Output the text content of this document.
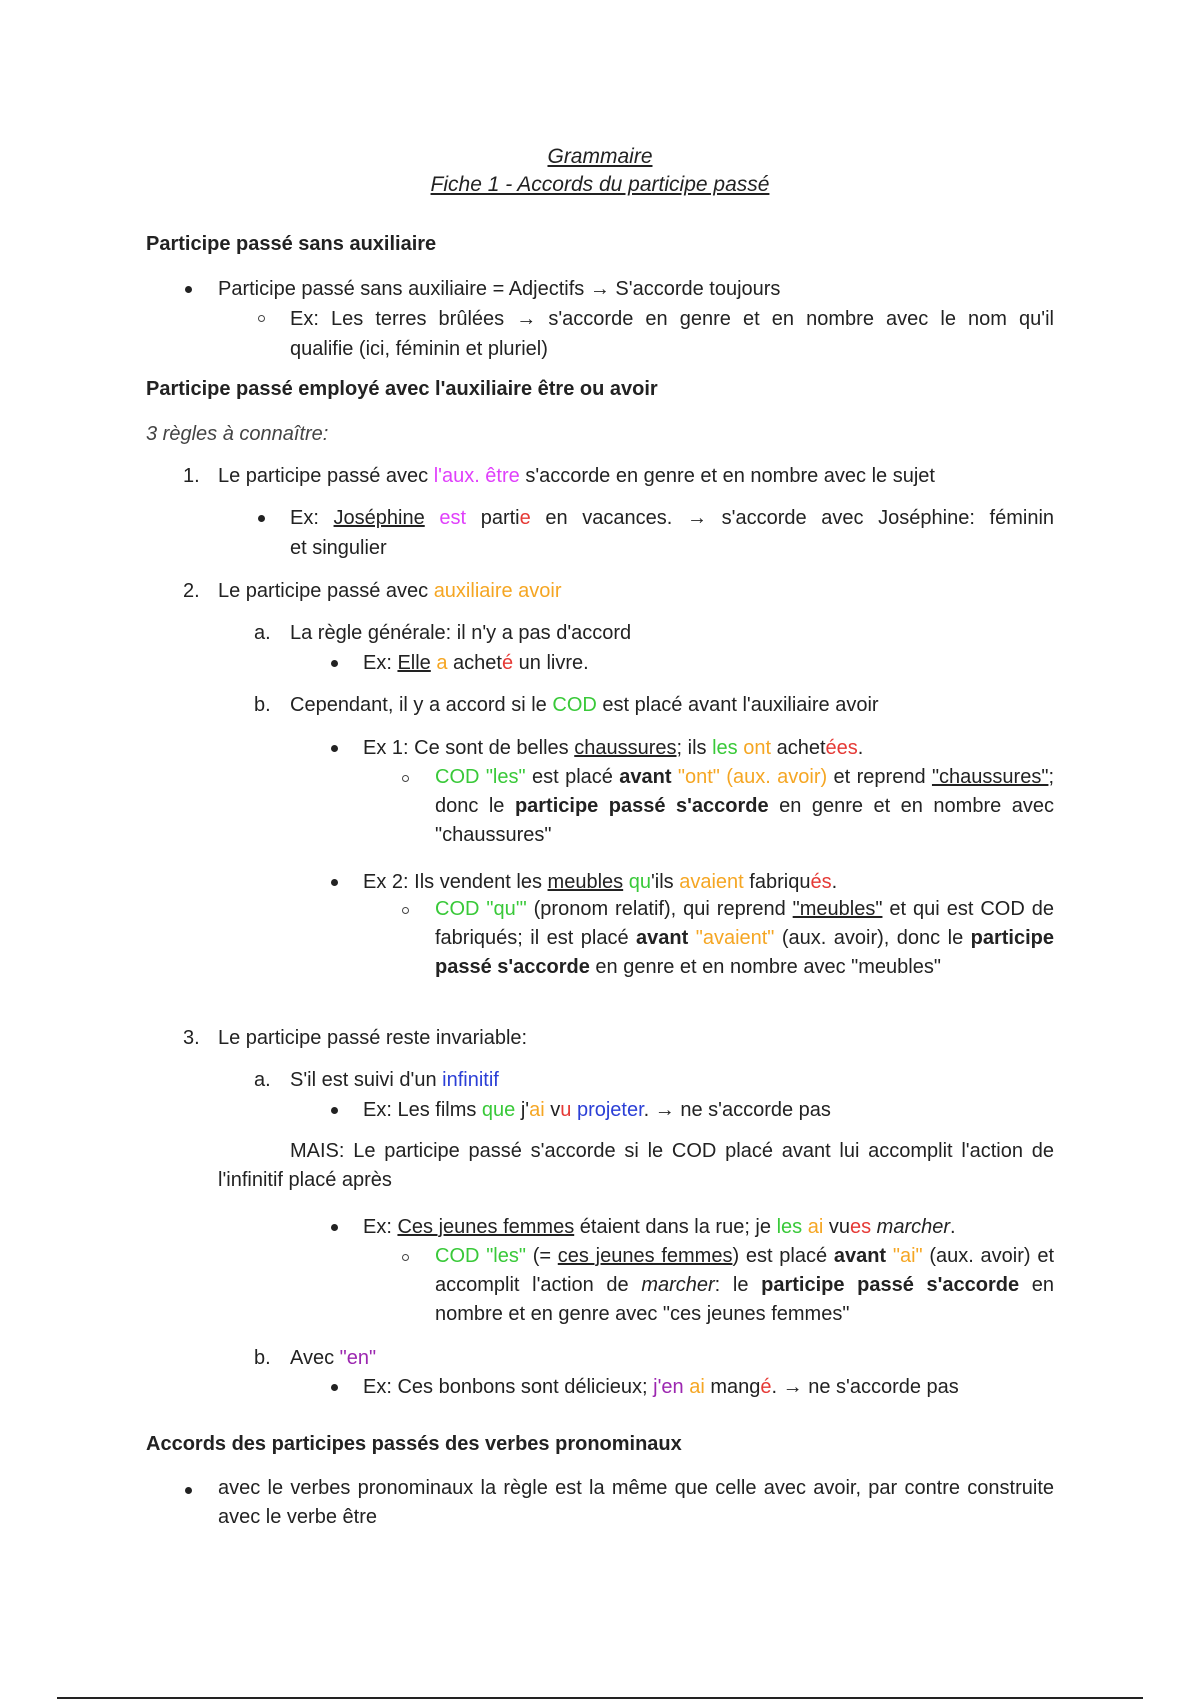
Grammaire
Fiche 1 - Accords du participe passé
Participe passé sans auxiliaire
Participe passé sans auxiliaire = Adjectifs → S'accorde toujours
Ex: Les terres brûlées → s'accorde en genre et en nombre avec le nom qu'il
qualifie (ici, féminin et pluriel)
Participe passé employé avec l'auxiliaire être ou avoir
3 règles à connaître:
1. Le participe passé avec l'aux. être s'accorde en genre et en nombre avec le sujet
Ex: Joséphine est partie en vacances. → s'accorde avec Joséphine: féminin
et singulier
2. Le participe passé avec auxiliaire avoir
a. La règle générale: il n'y a pas d'accord
Ex: Elle a acheté un livre.
b. Cependant, il y a accord si le COD est placé avant l'auxiliaire avoir
Ex 1: Ce sont de belles chaussures; ils les ont achetées.

COD "les" est placé avant "ont" (aux. avoir) et reprend "chaussures"; donc le participe passé s'accorde en genre et en nombre avec "chaussures"

Ex 2: Ils vendent les meubles qu'ils avaient fabriqués.

COD "qu'" (pronom relatif), qui reprend "meubles" et qui est COD de fabriqués; il est placé avant "avaient" (aux. avoir), donc le participe passé s'accorde en genre et en nombre avec "meubles"

3. Le participe passé reste invariable:
a. S'il est suivi d'un infinitif
Ex: Les films que j'ai vu projeter. → ne s'accorde pas

MAIS: Le participe passé s'accorde si le COD placé avant lui accomplit l'action de l'infinitif placé après

Ex: Ces jeunes femmes étaient dans la rue; je les ai vues marcher.

COD "les" (= ces jeunes femmes) est placé avant "ai" (aux. avoir) et accomplit l'action de marcher: le participe passé s'accorde en nombre et en genre avec "ces jeunes femmes"

b. Avec "en"
Ex: Ces bonbons sont délicieux; j'en ai mangé. → ne s'accorde pas
Accords des participes passés des verbes pronominaux

avec le verbes pronominaux la règle est la même que celle avec avoir, par contre construite avec le verbe être
